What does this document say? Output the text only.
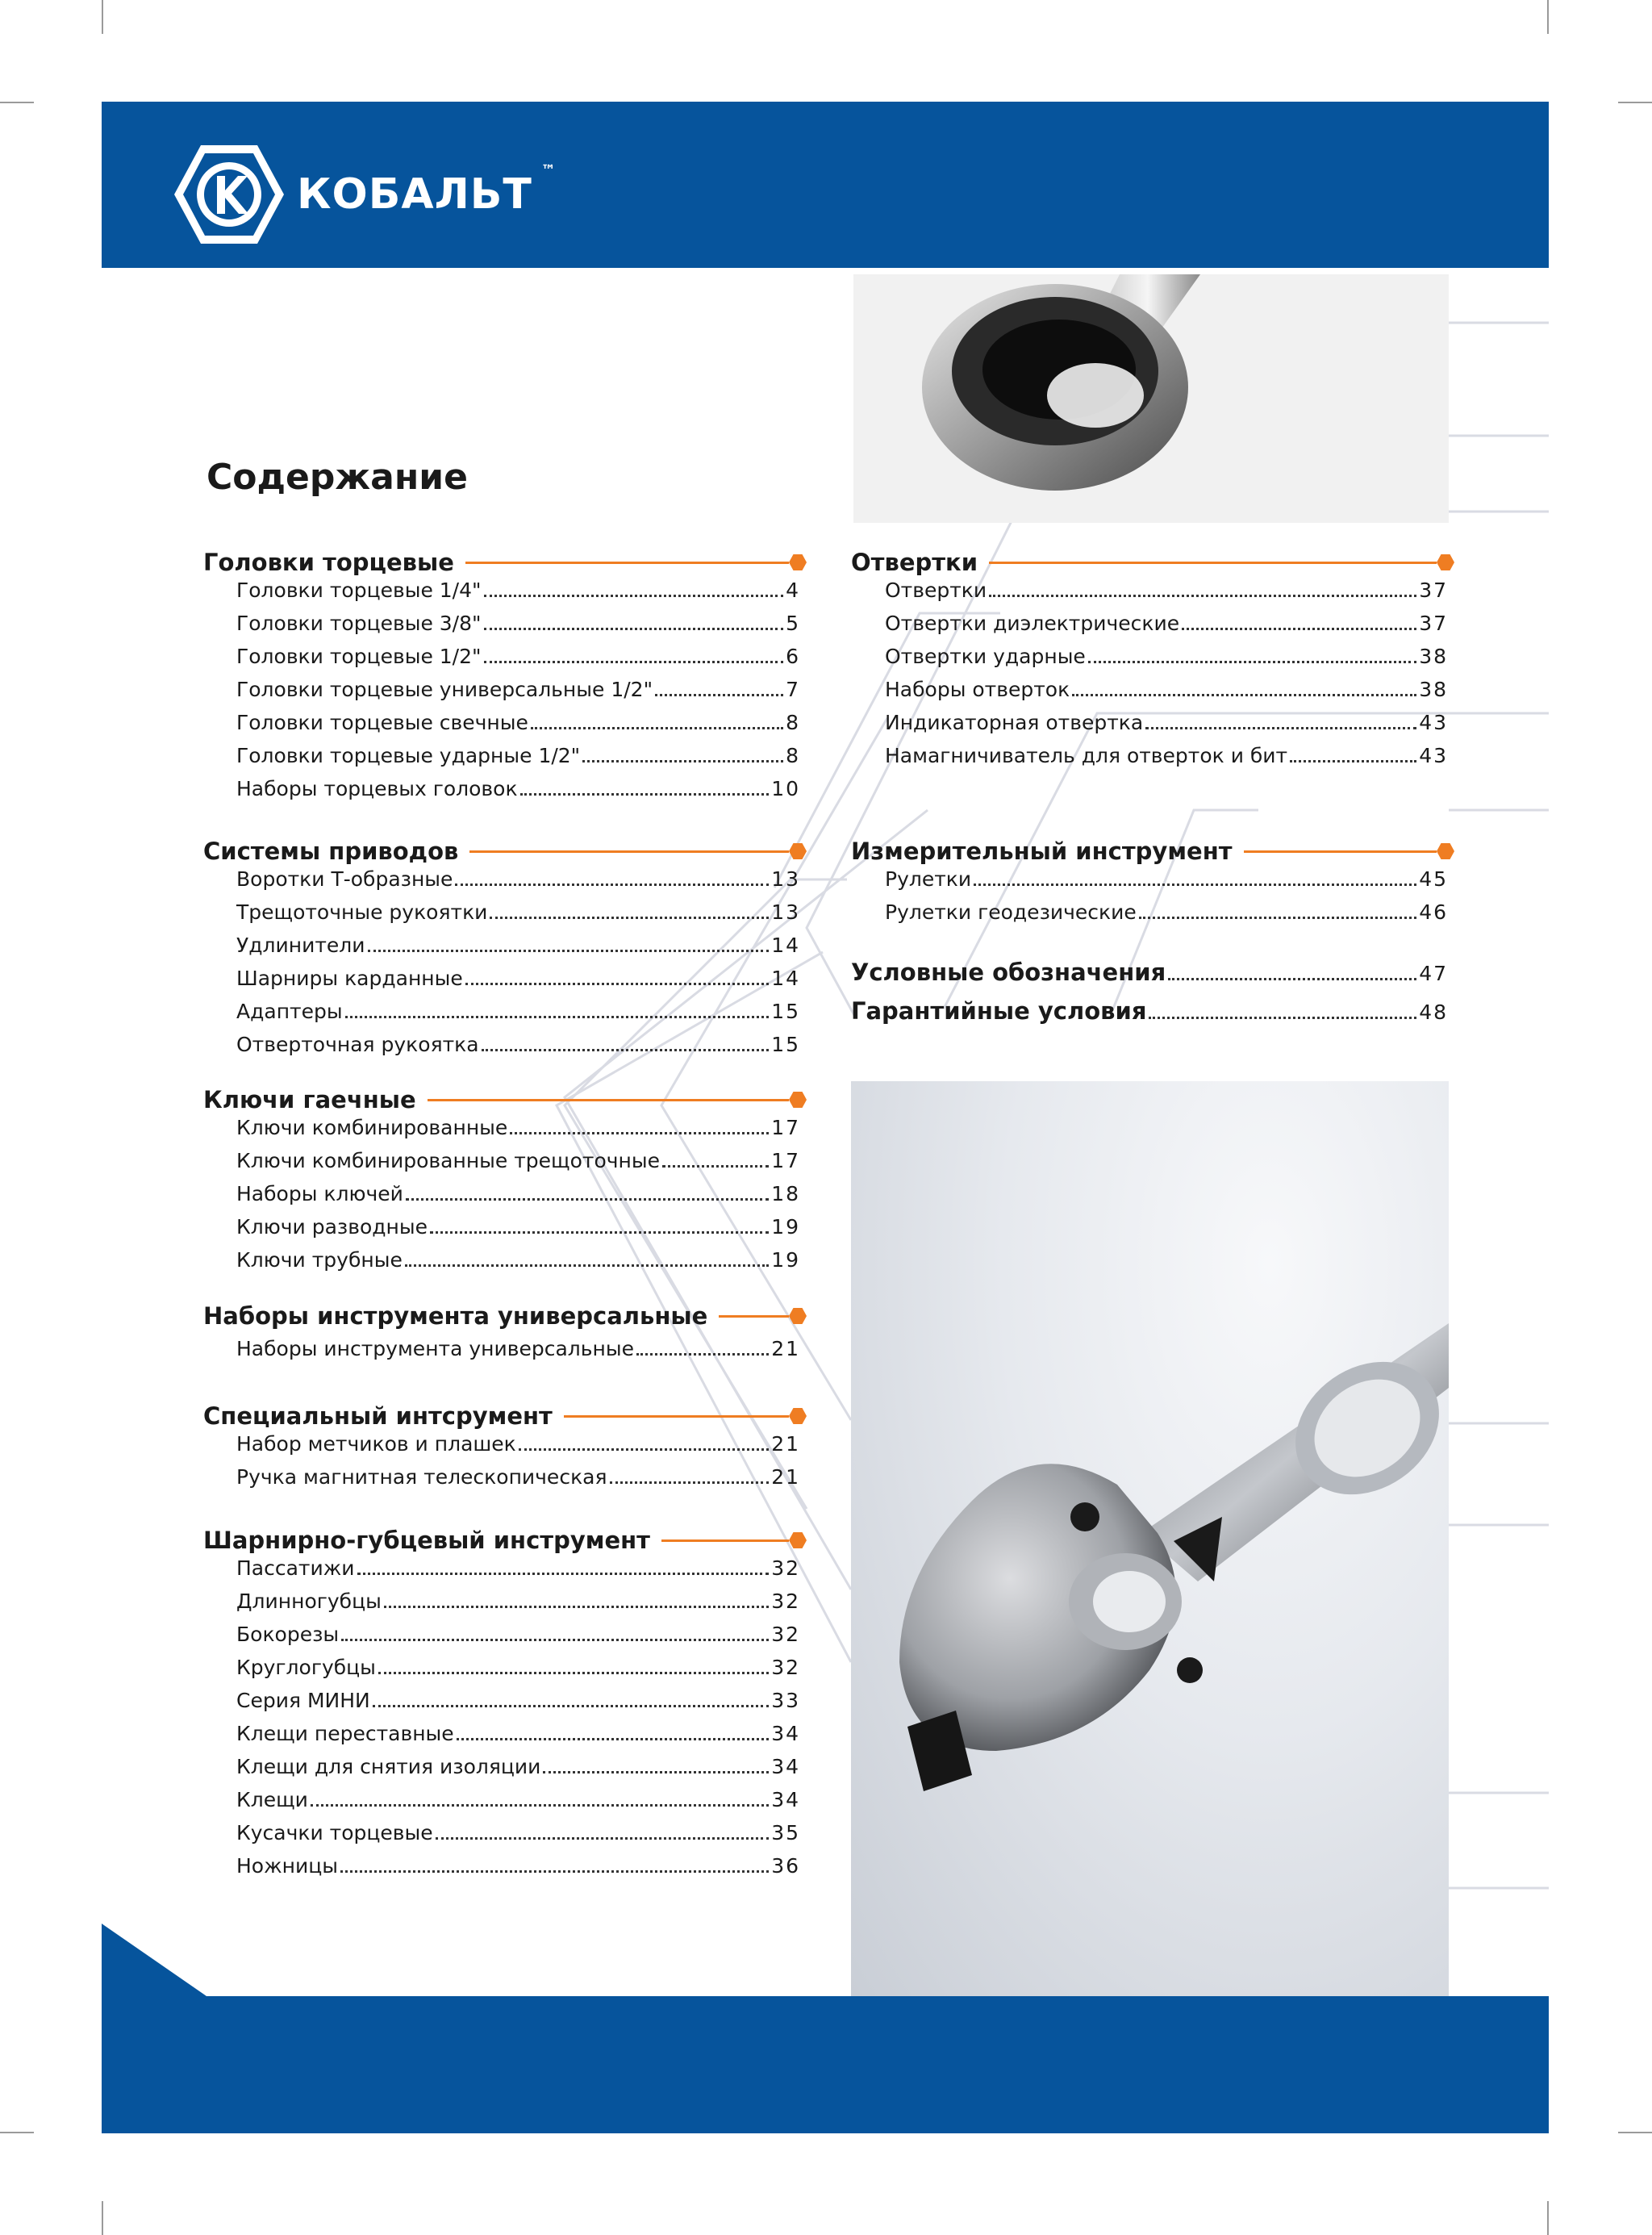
КОБАЛЬТ ™
Содержание
Головки торцевые
Головки торцевые 1/4"	4
Головки торцевые 3/8"	5
Головки торцевые 1/2"	6
Головки торцевые универсальные 1/2"	7
Головки торцевые свечные	8
Головки торцевые ударные 1/2"	8
Наборы торцевых головок	10
Системы приводов
Воротки Т-образные	13
Трещоточные рукоятки	13
Удлинители	14
Шарниры карданные	14
Адаптеры	15
Отверточная рукоятка	15
Ключи гаечные
Ключи комбинированные	17
Ключи комбинированные трещоточные	17
Наборы ключей	18
Ключи разводные	19
Ключи трубные	19
Наборы инструмента универсальные
Наборы инструмента универсальные	21
Специальный интсрумент
Набор метчиков и плашек	21
Ручка магнитная телескопическая	21
Шарнирно-губцевый инструмент
Пассатижи	32
Длинногубцы	32
Бокорезы	32
Круглогубцы	32
Серия МИНИ	33
Клещи переставные	34
Клещи для снятия изоляции	34
Клещи	34
Кусачки торцевые	35
Ножницы	36
Отвертки
Отвертки	37
Отвертки диэлектрические	37
Отвертки ударные	38
Наборы отверток	38
Индикаторная отвертка	43
Намагничиватель для отверток и бит	43
Измерительный инструмент
Рулетки	45
Рулетки геодезические	46
Условные обозначения	47
Гарантийные условия	48
